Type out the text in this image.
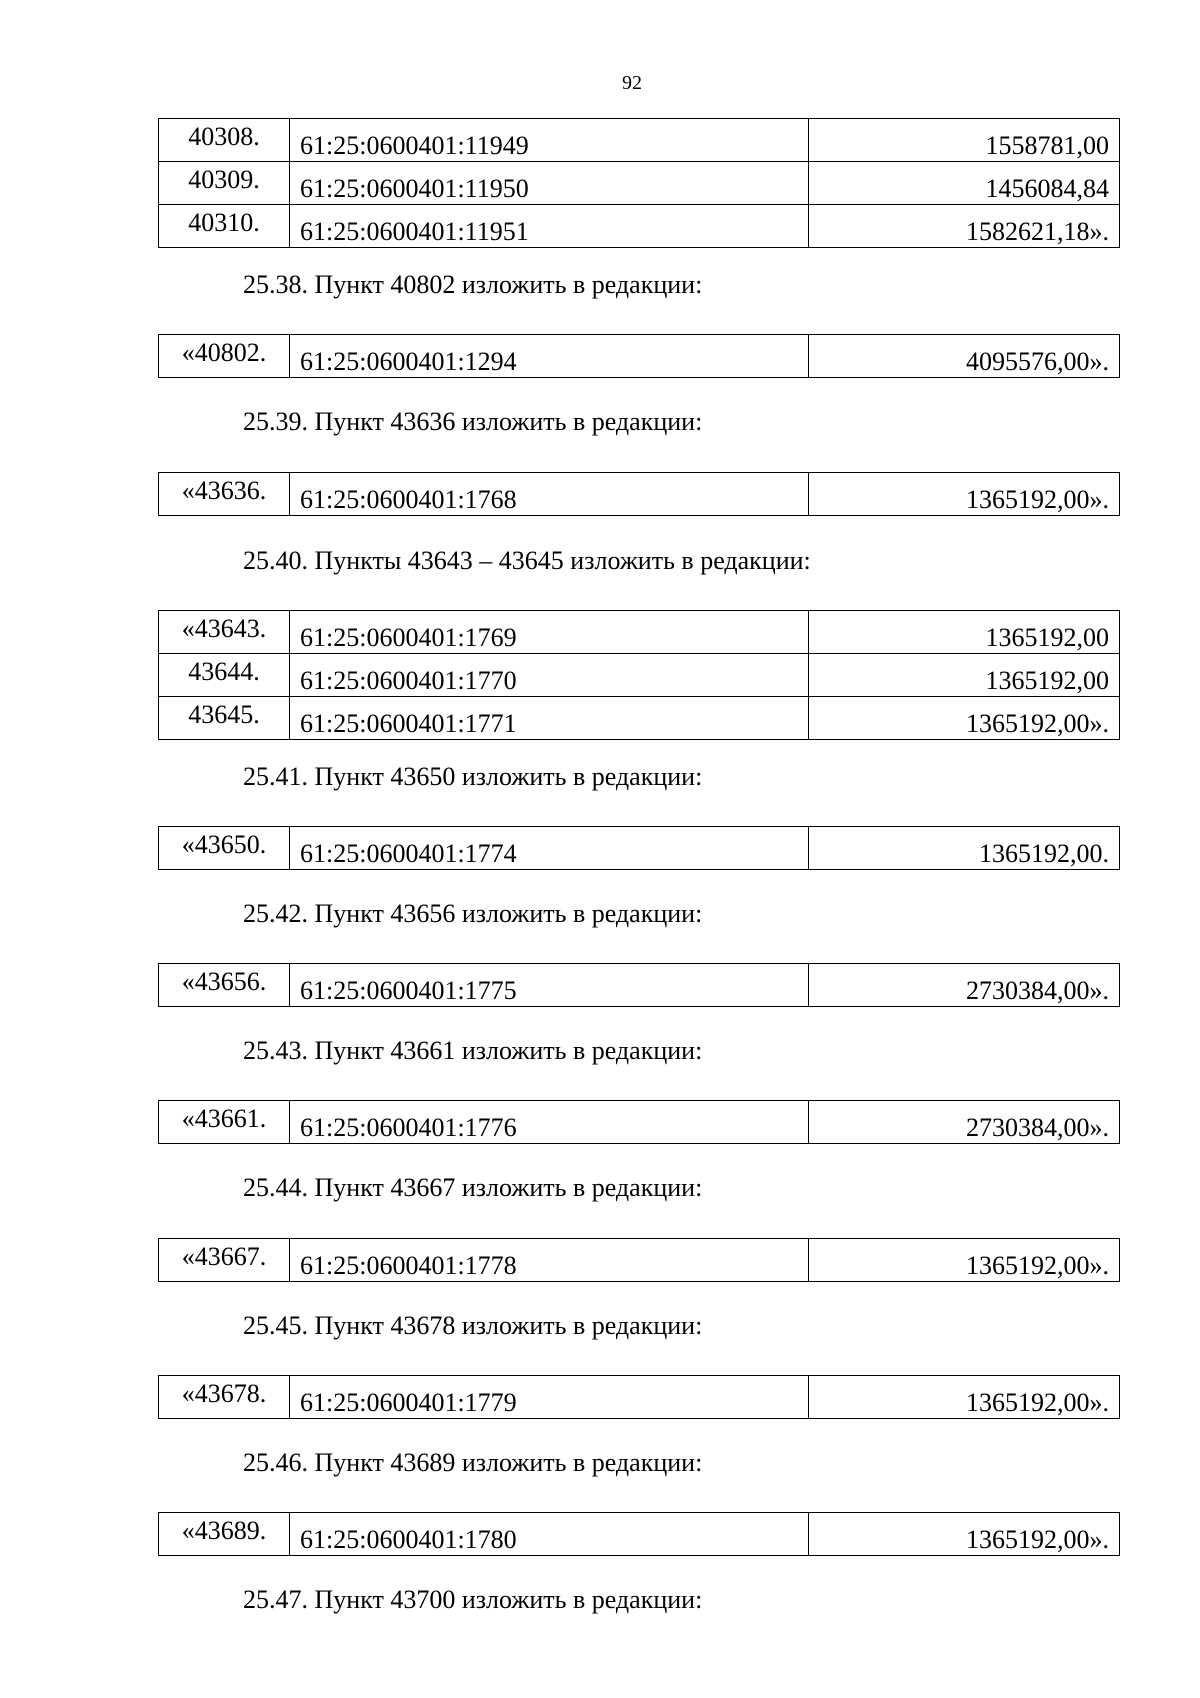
92
40308.	61:25:0600401:11949	1558781,00
40309.	61:25:0600401:11950	1456084,84
40310.	61:25:0600401:11951	1582621,18».
25.38. Пункт 40802 изложить в редакции:
«40802.	61:25:0600401:1294	4095576,00».
25.39. Пункт 43636 изложить в редакции:
«43636.	61:25:0600401:1768	1365192,00».
25.40. Пункты 43643 – 43645 изложить в редакции:
«43643.	61:25:0600401:1769	1365192,00
43644.	61:25:0600401:1770	1365192,00
43645.	61:25:0600401:1771	1365192,00».
25.41. Пункт 43650 изложить в редакции:
«43650.	61:25:0600401:1774	1365192,00.
25.42. Пункт 43656 изложить в редакции:
«43656.	61:25:0600401:1775	2730384,00».
25.43. Пункт 43661 изложить в редакции:
«43661.	61:25:0600401:1776	2730384,00».
25.44. Пункт 43667 изложить в редакции:
«43667.	61:25:0600401:1778	1365192,00».
25.45. Пункт 43678 изложить в редакции:
«43678.	61:25:0600401:1779	1365192,00».
25.46. Пункт 43689 изложить в редакции:
«43689.	61:25:0600401:1780	1365192,00».
25.47. Пункт 43700 изложить в редакции:
